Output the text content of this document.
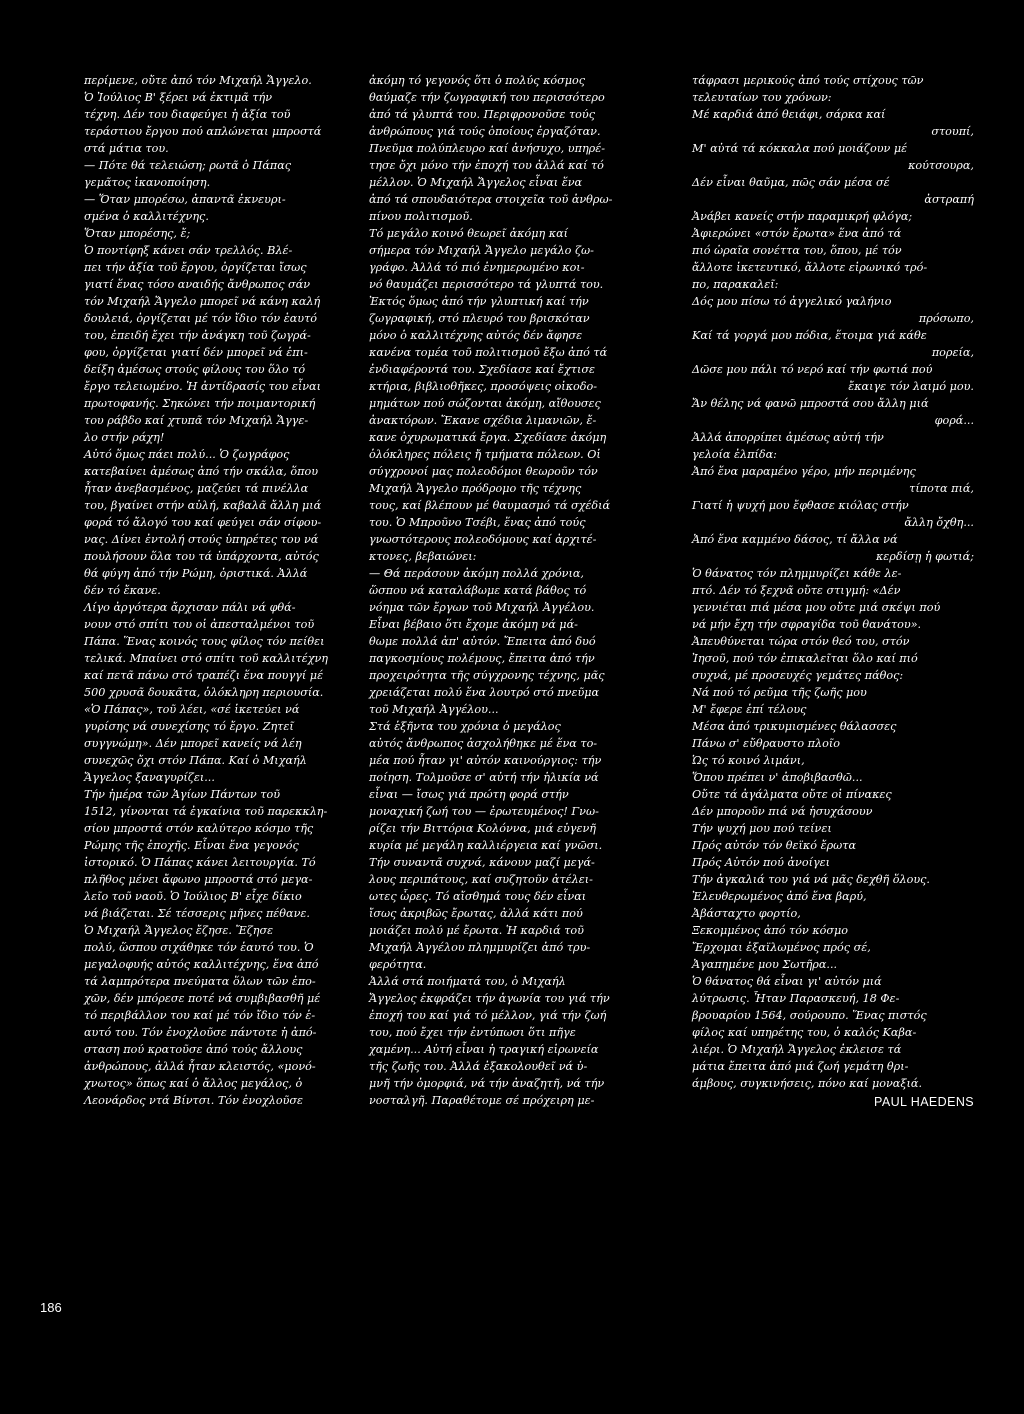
περίμενε, οὔτε ἀπό τόν Μιχαήλ Ἄγγελο.

Ὁ Ἰούλιος Β' ξέρει νά ἐκτιμᾶ τήν

τέχνη. Δέν του διαφεύγει ἡ ἀξία τοῦ

τεράστιου ἔργου πού απλώνεται μπροστά

στά μάτια του.

— Πότε θά τελειώση; ρωτᾶ ὁ Πάπας

γεμᾶτος ἱκανοποίηση.

— Ὅταν μπορέσω, ἀπαντᾶ ἐκνευρι-

σμένα ὁ καλλιτέχνης.

Ὅταν μπορέσης, ἔ;

Ὁ ποντίφηξ κάνει σάν τρελλός. Βλέ-

πει τήν ἀξία τοῦ ἔργου, ὀργίζεται ἴσως

γιατί ἕνας τόσο αναιδής ἄνθρωπος σάν

τόν Μιχαήλ Ἄγγελο μπορεῖ νά κάνη καλή

δουλειά, ὀργίζεται μέ τόν ἴδιο τόν ἑαυτό

του, ἐπειδή ἔχει τήν ἀνάγκη τοῦ ζωγρά-

φου, ὀργίζεται γιατί δέν μπορεῖ νά ἐπι-

δείξη ἀμέσως στούς φίλους του ὅλο τό

ἔργο τελειωμένο. Ἡ ἀντίδρασίς του εἶναι

πρωτοφανής. Σηκώνει τήν ποιμαντορική

του ράβδο καί χτυπᾶ τόν Μιχαήλ Ἄγγε-

λο στήν ράχη!

Αὐτό ὅμως πάει πολύ... Ὁ ζωγράφος

κατεβαίνει ἀμέσως ἀπό τήν σκάλα, ὅπου

ἦταν ἀνεβασμένος, μαζεύει τά πινέλλα

του, βγαίνει στήν αὐλή, καβαλᾶ ἄλλη μιά

φορά τό ἄλογό του καί φεύγει σάν σίφου-

νας. Δίνει ἐντολή στούς ὑπηρέτες του νά

πουλήσουν ὅλα του τά ὑπάρχοντα, αὐτός

θά φύγη ἀπό τήν Ρώμη, ὁριστικά. Ἀλλά

δέν τό ἔκανε.

Λίγο ἀργότερα ἄρχισαν πάλι νά φθά-

νουν στό σπίτι του οἱ ἀπεσταλμένοι τοῦ

Πάπα. Ἕνας κοινός τους φίλος τόν πείθει

τελικά. Μπαίνει στό σπίτι τοῦ καλλιτέχνη

καί πετᾶ πάνω στό τραπέζι ἕνα πουγγί μέ

500 χρυσᾶ δουκᾶτα, ὁλόκληρη περιουσία.

«Ὁ Πάπας», τοῦ λέει, «σέ ἱκετεύει νά

γυρίσης νά συνεχίσης τό ἔργο. Ζητεῖ

συγγνώμη». Δέν μπορεῖ κανείς νά λέη

συνεχῶς ὄχι στόν Πάπα. Καί ὁ Μιχαήλ

Ἄγγελος ξαναγυρίζει...

Τήν ἡμέρα τῶν Ἁγίων Πάντων τοῦ

1512, γίνονται τά ἐγκαίνια τοῦ παρεκκλη-

σίου μπροστά στόν καλύτερο κόσμο τῆς

Ρώμης τῆς ἐποχῆς. Εἶναι ἕνα γεγονός

ἱστορικό. Ὁ Πάπας κάνει λειτουργία. Τό

πλῆθος μένει ἄφωνο μπροστά στό μεγα-

λεῖο τοῦ ναοῦ. Ὁ Ἰούλιος Β' εἶχε δίκιο

νά βιάζεται. Σέ τέσσερις μῆνες πέθανε.

Ὁ Μιχαήλ Ἄγγελος ἔζησε. Ἔζησε

πολύ, ὥσπου σιχάθηκε τόν ἑαυτό του. Ὁ

μεγαλοφυής αὐτός καλλιτέχνης, ἕνα ἀπό

τά λαμπρότερα πνεύματα ὅλων τῶν ἐπο-

χῶν, δέν μπόρεσε ποτέ νά συμβιβασθῆ μέ

τό περιβάλλον του καί μέ τόν ἴδιο τόν ἑ-

αυτό του. Τόν ἐνοχλοῦσε πάντοτε ἡ ἀπό-

σταση πού κρατοῦσε ἀπό τούς ἄλλους

ἀνθρώπους, ἀλλά ἦταν κλειστός, «μονό-

χνωτος» ὅπως καί ὁ ἄλλος μεγάλος, ὁ

Λεονάρδος ντά Βίντσι. Τόν ἐνοχλοῦσε

ἀκόμη τό γεγονός ὅτι ὁ πολύς κόσμος

θαύμαζε τήν ζωγραφική του περισσότερο

ἀπό τά γλυπτά του. Περιφρονοῦσε τούς

ἀνθρώπους γιά τούς ὁποίους ἐργαζόταν.

Πνεῦμα πολύπλευρο καί ἀνήσυχο, υπηρέ-

τησε ὄχι μόνο τήν ἐποχή του ἀλλά καί τό

μέλλον. Ὁ Μιχαήλ Ἄγγελος εἶναι ἕνα

ἀπό τά σπουδαιότερα στοιχεῖα τοῦ ἀνθρω-

πίνου πολιτισμοῦ.

Τό μεγάλο κοινό θεωρεῖ ἀκόμη καί

σήμερα τόν Μιχαήλ Ἄγγελο μεγάλο ζω-

γράφο. Ἀλλά τό πιό ἐνημερωμένο κοι-

νό θαυμάζει περισσότερο τά γλυπτά του.

Ἐκτός ὅμως ἀπό τήν γλυπτική καί τήν

ζωγραφική, στό πλευρό του βρισκόταν

μόνο ὁ καλλιτέχνης αὐτός δέν ἄφησε

κανένα τομέα τοῦ πολιτισμοῦ ἔξω ἀπό τά

ἐνδιαφέροντά του. Σχεδίασε καί ἔχτισε

κτήρια, βιβλιοθῆκες, προσόψεις οἰκοδο-

μημάτων πού σώζονται ἀκόμη, αἴθουσες

ἀνακτόρων. Ἔκανε σχέδια λιμανιῶν, ἔ-

κανε ὀχυρωματικά ἔργα. Σχεδίασε ἀκόμη

ὁλόκληρες πόλεις ἤ τμήματα πόλεων. Οἱ

σύγχρονοί μας πολεοδόμοι θεωροῦν τόν

Μιχαήλ Ἄγγελο πρόδρομο τῆς τέχνης

τους, καί βλέπουν μέ θαυμασμό τά σχέδιά

του. Ὁ Μπροῦνο Τσέβι, ἕνας ἀπό τούς

γνωστότερους πολεοδόμους καί ἀρχιτέ-

κτονες, βεβαιώνει:

— Θά περάσουν ἀκόμη πολλά χρόνια,

ὥσπου νά καταλάβωμε κατά βάθος τό

νόημα τῶν ἔργων τοῦ Μιχαήλ Ἀγγέλου.

Εἶναι βέβαιο ὅτι ἔχομε ἀκόμη νά μά-

θωμε πολλά ἀπ' αὐτόν. Ἔπειτα ἀπό δυό

παγκοσμίους πολέμους, ἔπειτα ἀπό τήν

προχειρότητα τῆς σύγχρονης τέχνης, μᾶς

χρειάζεται πολύ ἕνα λουτρό στό πνεῦμα

τοῦ Μιχαήλ Ἀγγέλου...

Στά ἑξῆντα του χρόνια ὁ μεγάλος

αὐτός ἄνθρωπος ἀσχολήθηκε μέ ἕνα το-

μέα πού ἦταν γι' αὐτόν καινούργιος: τήν

ποίηση. Τολμοῦσε σ' αὐτή τήν ἡλικία νά

εἶναι — ἴσως γιά πρώτη φορά στήν

μοναχική ζωή του — ἐρωτευμένος! Γνω-

ρίζει τήν Βιττόρια Κολόννα, μιά εὐγενῆ

κυρία μέ μεγάλη καλλιέργεια καί γνῶσι.

Τήν συναντᾶ συχνά, κάνουν μαζί μεγά-

λους περιπάτους, καί συζητοῦν ἀτέλει-

ωτες ὧρες. Τό αἴσθημά τους δέν εἶναι

ἴσως ἀκριβῶς ἔρωτας, ἀλλά κάτι πού

μοιάζει πολύ μέ ἔρωτα. Ἡ καρδιά τοῦ

Μιχαήλ Ἀγγέλου πλημμυρίζει ἀπό τρυ-

φερότητα.

Ἀλλά στά ποιήματά του, ὁ Μιχαήλ

Ἄγγελος ἐκφράζει τήν ἀγωνία του γιά τήν

ἐποχή του καί γιά τό μέλλον, γιά τήν ζωή

του, πού ἔχει τήν ἐντύπωσι ὅτι πῆγε

χαμένη... Αὐτή εἶναι ἡ τραγική εἰρωνεία

τῆς ζωῆς του. Ἀλλά ἐξακολουθεῖ νά ὑ-

μνῆ τήν ὀμορφιά, νά τήν ἀναζητῆ, νά τήν

νοσταλγῆ. Παραθέτομε σέ πρόχειρη με-

τάφρασι μερικούς ἀπό τούς στίχους τῶν

τελευταίων του χρόνων:

Μέ καρδιά ἀπό θειάφι, σάρκα καί

στουπί,

Μ' αὐτά τά κόκκαλα πού μοιάζουν μέ

κούτσουρα,

Δέν εἶναι θαῦμα, πῶς σάν μέσα σέ

ἀστραπή

Ἀνάβει κανείς στήν παραμικρή φλόγα;

Ἀφιερώνει «στόν ἔρωτα» ἕνα ἀπό τά

πιό ὡραῖα σονέττα του, ὅπου, μέ τόν

ἄλλοτε ἱκετευτικό, ἄλλοτε εἰρωνικό τρό-

πο, παρακαλεῖ:

Δός μου πίσω τό ἀγγελικό γαλήνιο

πρόσωπο,

Καί τά γοργά μου πόδια, ἕτοιμα γιά κάθε

πορεία,

Δῶσε μου πάλι τό νερό καί τήν φωτιά πού

ἔκαιγε τόν λαιμό μου.

Ἄν θέλης νά φανῶ μπροστά σου ἄλλη μιά

φορά...

Ἀλλά ἀπορρίπει ἀμέσως αὐτή τήν

γελοία ἐλπίδα:

Ἀπό ἕνα μαραμένο γέρο, μήν περιμένης

τίποτα πιά,

Γιατί ἡ ψυχή μου ἔφθασε κιόλας στήν

ἄλλη ὄχθη...

Ἀπό ἕνα καμμένο δάσος, τί ἄλλα νά

κερδίσῃ ἡ φωτιά;

Ὁ θάνατος τόν πλημμυρίζει κάθε λε-

πτό. Δέν τό ξεχνᾶ οὔτε στιγμή: «Δέν

γεννιέται πιά μέσα μου οὔτε μιά σκέψι πού

νά μήν ἔχη τήν σφραγίδα τοῦ θανάτου».

Ἀπευθύνεται τώρα στόν θεό του, στόν

Ἰησοῦ, πού τόν ἐπικαλεῖται ὅλο καί πιό

συχνά, μέ προσευχές γεμάτες πάθος:

Νά πού τό ρεῦμα τῆς ζωῆς μου

Μ' ἔφερε ἐπί τέλους

Μέσα ἀπό τρικυμισμένες θάλασσες

Πάνω σ' εὔθραυστο πλοῖο

Ὡς τό κοινό λιμάνι,

Ὅπου πρέπει ν' ἀποβιβασθῶ...

Οὔτε τά ἀγάλματα οὔτε οἱ πίνακες

Δέν μποροῦν πιά νά ἡσυχάσουν

Τήν ψυχή μου πού τείνει

Πρός αὐτόν τόν θεϊκό ἔρωτα

Πρός Αὐτόν πού ἀνοίγει

Τήν ἀγκαλιά του γιά νά μᾶς δεχθῆ ὅλους.

Ἐλευθερωμένος ἀπό ἕνα βαρύ,

Ἀβάσταχτο φορτίο,

Ξεκομμένος ἀπό τόν κόσμο

Ἔρχομαι ἐξαϊλωμένος πρός σέ,

Ἀγαπημένε μου Σωτῆρα...

Ὁ θάνατος θά εἶναι γι' αὐτόν μιά

λύτρωσις. Ἦταν Παρασκευή, 18 Φε-

βρουαρίου 1564, σούρουπο. Ἕνας πιστός

φίλος καί υπηρέτης του, ὁ καλός Καβα-

λιέρι. Ὁ Μιχαήλ Ἄγγελος ἐκλεισε τά

μάτια ἔπειτα ἀπό μιά ζωή γεμάτη θρι-

άμβους, συγκινήσεις, πόνο καί μοναξιά.

PAUL HAEDENS

186
